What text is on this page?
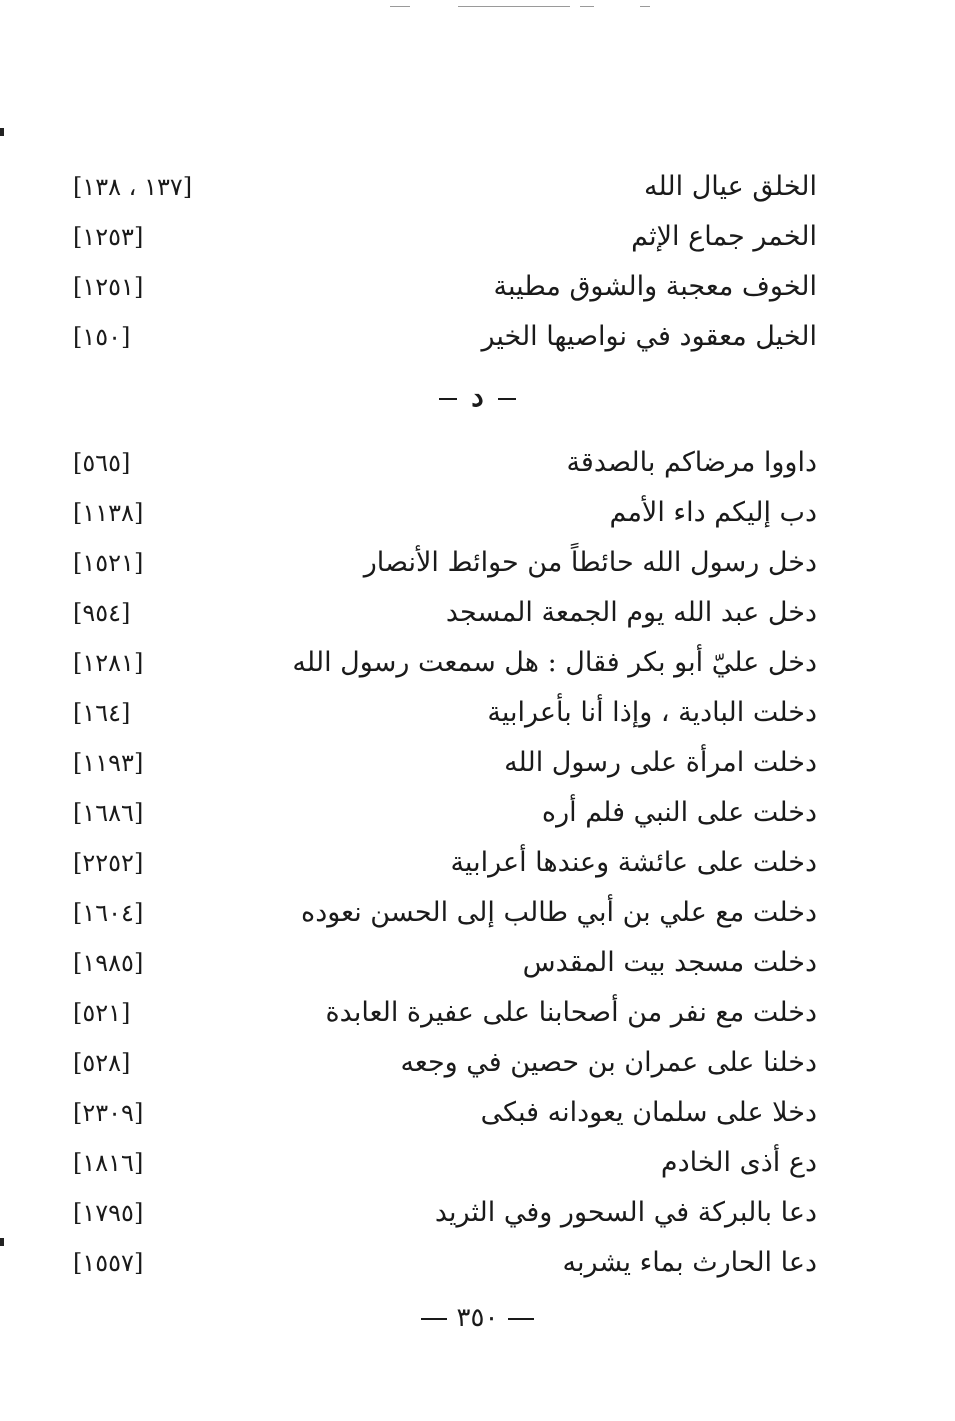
الخلق عيال الله
[١٣٧ ، ١٣٨]
الخمر جماع الإثم
[١٢٥٣]
الخوف معجبة والشوق مطيبة
[١٢٥١]
الخيل معقود في نواصيها الخير
[١٥٠]
د
داووا مرضاكم بالصدقة
[٥٦٥]
دب إليكم داء الأمم
[١١٣٨]
دخل رسول الله حائطاً من حوائط الأنصار
[١٥٢١]
دخل عبد الله يوم الجمعة المسجد
[٩٥٤]
دخل عليّ أبو بكر فقال : هل سمعت رسول الله
[١٢٨١]
دخلت البادية ، وإذا أنا بأعرابية
[١٦٤]
دخلت امرأة على رسول الله
[١١٩٣]
دخلت على النبي فلم أره
[١٦٨٦]
دخلت على عائشة وعندها أعرابية
[٢٢٥٢]
دخلت مع علي بن أبي طالب إلى الحسن نعوده
[١٦٠٤]
دخلت مسجد بيت المقدس
[١٩٨٥]
دخلت مع نفر من أصحابنا على عفيرة العابدة
[٥٢١]
دخلنا على عمران بن حصين في وجعه
[٥٢٨]
دخلا على سلمان يعودانه فبكى
[٢٣٠٩]
دع أذى الخادم
[١٨١٦]
دعا بالبركة في السحور وفي الثريد
[١٧٩٥]
دعا الحارث بماء يشربه
[١٥٥٧]
٣٥٠
